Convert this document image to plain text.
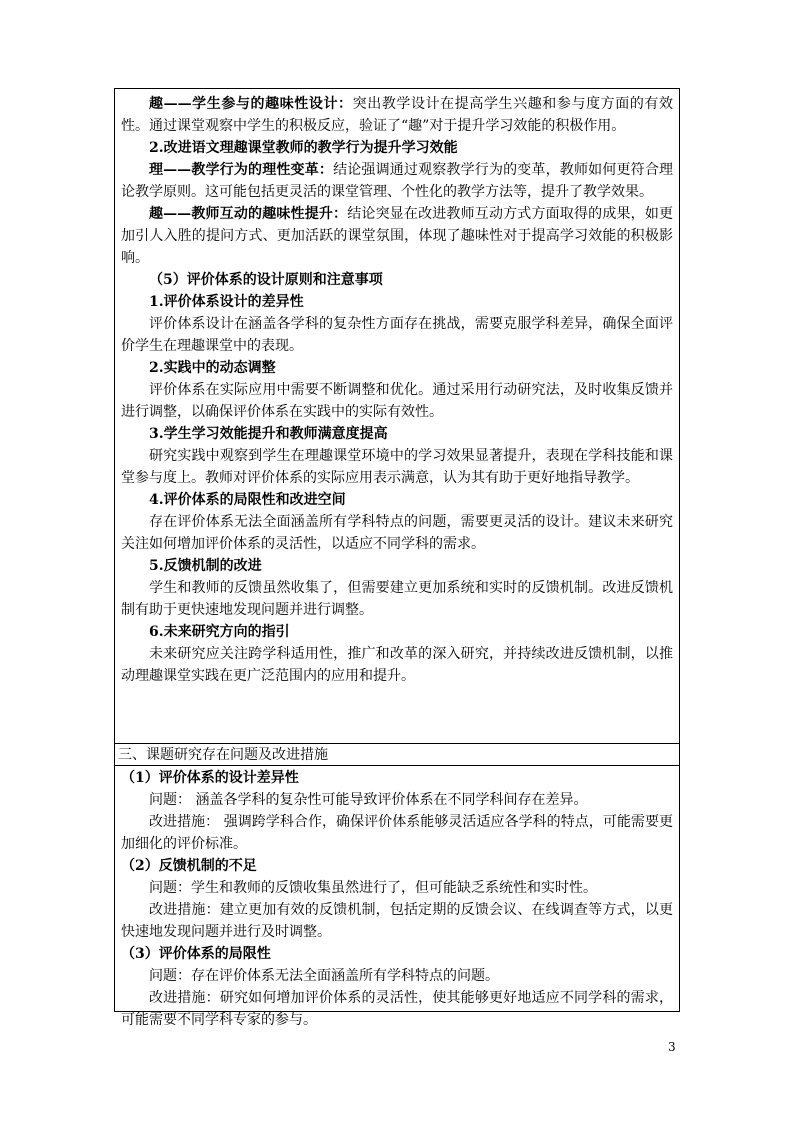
趣——学生参与的趣味性设计：突出教学设计在提高学生兴趣和参与度方面的有效性。通过课堂观察中学生的积极反应，验证了“趣”对于提升学习效能的积极作用。

2.改进语文理趣课堂教师的教学行为提升学习效能

理——教学行为的理性变革：结论强调通过观察教学行为的变革，教师如何更符合理论教学原则。这可能包括更灵活的课堂管理、个性化的教学方法等，提升了教学效果。

趣——教师互动的趣味性提升：结论突显在改进教师互动方式方面取得的成果，如更加引人入胜的提问方式、更加活跃的课堂氛围，体现了趣味性对于提高学习效能的积极影响。

（5）评价体系的设计原则和注意事项

1.评价体系设计的差异性

评价体系设计在涵盖各学科的复杂性方面存在挑战，需要克服学科差异，确保全面评价学生在理趣课堂中的表现。

2.实践中的动态调整

评价体系在实际应用中需要不断调整和优化。通过采用行动研究法，及时收集反馈并进行调整，以确保评价体系在实践中的实际有效性。

3.学生学习效能提升和教师满意度提高

研究实践中观察到学生在理趣课堂环境中的学习效果显著提升，表现在学科技能和课堂参与度上。教师对评价体系的实际应用表示满意，认为其有助于更好地指导教学。

4.评价体系的局限性和改进空间

存在评价体系无法全面涵盖所有学科特点的问题，需要更灵活的设计。建议未来研究关注如何增加评价体系的灵活性，以适应不同学科的需求。

5.反馈机制的改进

学生和教师的反馈虽然收集了，但需要建立更加系统和实时的反馈机制。改进反馈机制有助于更快速地发现问题并进行调整。

6.未来研究方向的指引

未来研究应关注跨学科适用性，推广和改革的深入研究，并持续改进反馈机制，以推动理趣课堂实践在更广泛范围内的应用和提升。

三、课题研究存在问题及改进措施

（1）评价体系的设计差异性

问题： 涵盖各学科的复杂性可能导致评价体系在不同学科间存在差异。

改进措施： 强调跨学科合作，确保评价体系能够灵活适应各学科的特点，可能需要更加细化的评价标准。

（2）反馈机制的不足

问题：学生和教师的反馈收集虽然进行了，但可能缺乏系统性和实时性。

改进措施：建立更加有效的反馈机制，包括定期的反馈会议、在线调查等方式，以更快速地发现问题并进行及时调整。

（3）评价体系的局限性

问题：存在评价体系无法全面涵盖所有学科特点的问题。

改进措施：研究如何增加评价体系的灵活性，使其能够更好地适应不同学科的需求，可能需要不同学科专家的参与。

3
